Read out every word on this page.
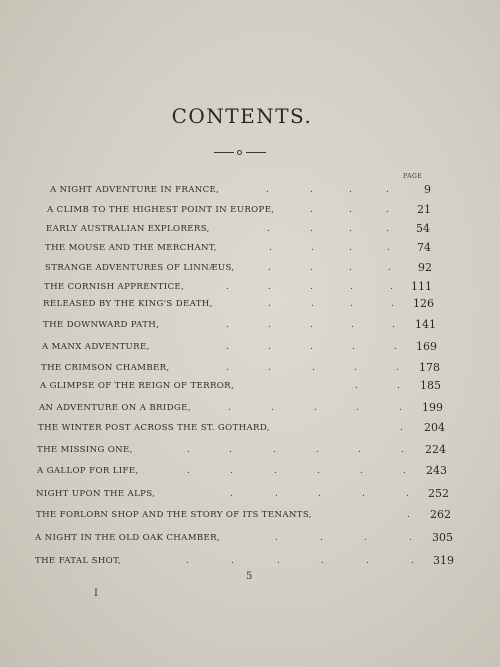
CONTENTS.
PAGE
A NIGHT ADVENTURE IN FRANCE,	.	.	.	.	9
A CLIMB TO THE HIGHEST POINT IN EUROPE,	.	.	.	21
EARLY AUSTRALIAN EXPLORERS,	.	.	.	.	54
THE MOUSE AND THE MERCHANT,	.	.	.	.	74
STRANGE ADVENTURES OF LINNÆUS,	.	.	.	.	92
THE CORNISH APPRENTICE,	.	.	.	.	.	111
RELEASED BY THE KING'S DEATH,	.	.	.	.	126
THE DOWNWARD PATH,	.	.	.	.	.	141
A MANX ADVENTURE,	.	.	.	.	.	169
THE CRIMSON CHAMBER,	.	.	.	.	.	178
A GLIMPSE OF THE REIGN OF TERROR,	.	.	185
AN ADVENTURE ON A BRIDGE,	.	.	.	.	.	199
THE WINTER POST ACROSS THE ST. GOTHARD,	.	204
THE MISSING ONE,	.	.	.	.	.	.	224
A GALLOP FOR LIFE,	.	.	.	.	.	.	243
NIGHT UPON THE ALPS,	.	.	.	.	.	252
THE FORLORN SHOP AND THE STORY OF ITS TENANTS,	.	262
A NIGHT IN THE OLD OAK CHAMBER,	.	.	.	.	305
THE FATAL SHOT,	.	.	.	.	.	.	319
5
I
